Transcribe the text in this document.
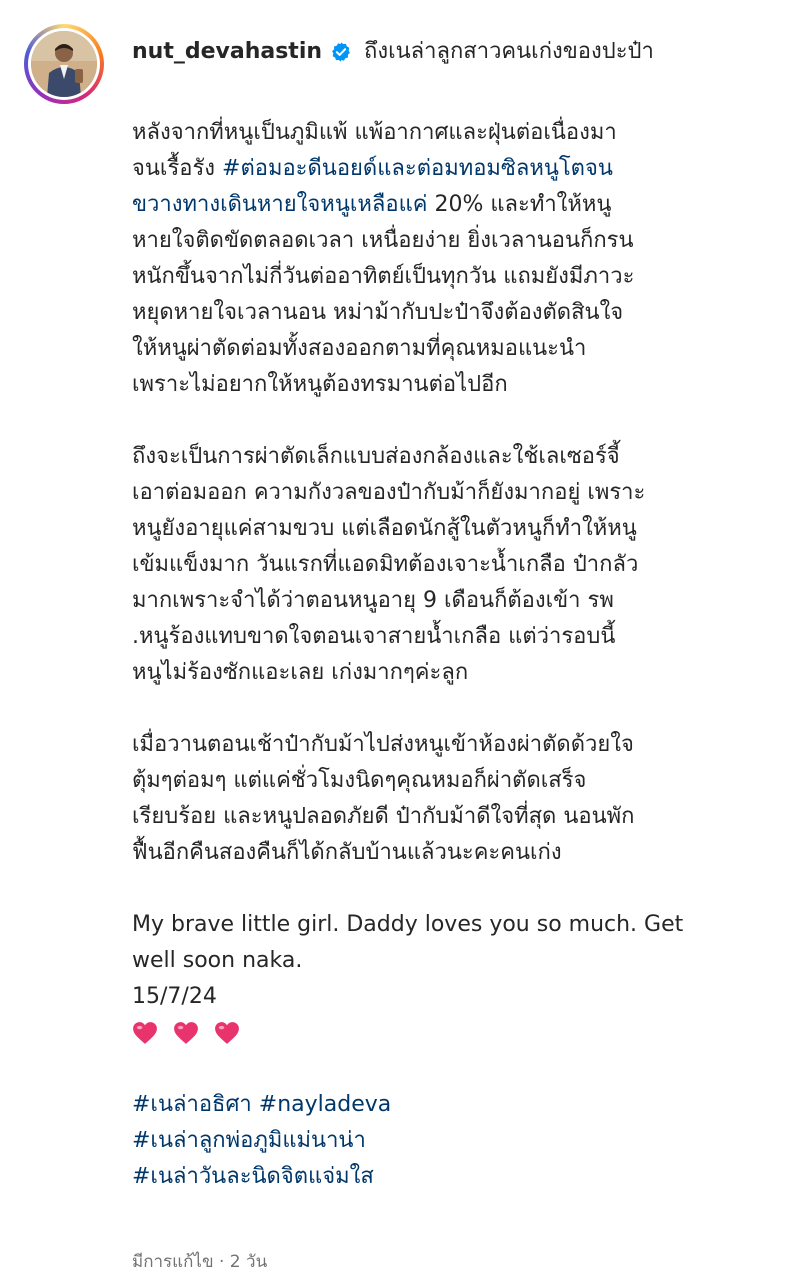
nut_devahastin ถึงเนล่าลูกสาวคนเก่งของปะป๋า
หลังจากที่หนูเป็นภูมิแพ้ แพ้อากาศและฝุ่นต่อเนื่องมา
จนเรื้อรัง #ต่อมอะดีนอยด์และต่อมทอมซิลหนูโตจน
ขวางทางเดินหายใจหนูเหลือแค่ 20% และทำให้หนู
หายใจติดขัดตลอดเวลา เหนื่อยง่าย ยิ่งเวลานอนก็กรน
หนักขึ้นจากไม่กี่วันต่ออาทิตย์เป็นทุกวัน แถมยังมีภาวะ
หยุดหายใจเวลานอน หม่าม้ากับปะป๋าจึงต้องตัดสินใจ
ให้หนูผ่าตัดต่อมทั้งสองออกตามที่คุณหมอแนะนำ
เพราะไม่อยากให้หนูต้องทรมานต่อไปอีก
ถึงจะเป็นการผ่าตัดเล็กแบบส่องกล้องและใช้เลเซอร์จี้
เอาต่อมออก ความกังวลของป๋ากับม้าก็ยังมากอยู่ เพราะ
หนูยังอายุแค่สามขวบ แต่เลือดนักสู้ในตัวหนูก็ทำให้หนู
เข้มแข็งมาก วันแรกที่แอดมิทต้องเจาะน้ำเกลือ ป๋ากลัว
มากเพราะจำได้ว่าตอนหนูอายุ 9 เดือนก็ต้องเข้า รพ
.หนูร้องแทบขาดใจตอนเจาสายน้ำเกลือ แต่ว่ารอบนี้
หนูไม่ร้องซักแอะเลย เก่งมากๆค่ะลูก
เมื่อวานตอนเช้าป๋ากับม้าไปส่งหนูเข้าห้องผ่าตัดด้วยใจ
ตุ้มๆต่อมๆ แต่แค่ชั่วโมงนิดๆคุณหมอก็ผ่าตัดเสร็จ
เรียบร้อย และหนูปลอดภัยดี ป๋ากับม้าดีใจที่สุด นอนพัก
ฟื้นอีกคืนสองคืนก็ได้กลับบ้านแล้วนะคะคนเก่ง
My brave little girl. Daddy loves you so much. Get
well soon naka.
15/7/24

#เนล่าอธิศา #nayladeva
#เนล่าลูกพ่อภูมิแม่นาน่า
#เนล่าวันละนิดจิตแจ่มใส
มีการแก้ไข · 2 วัน
